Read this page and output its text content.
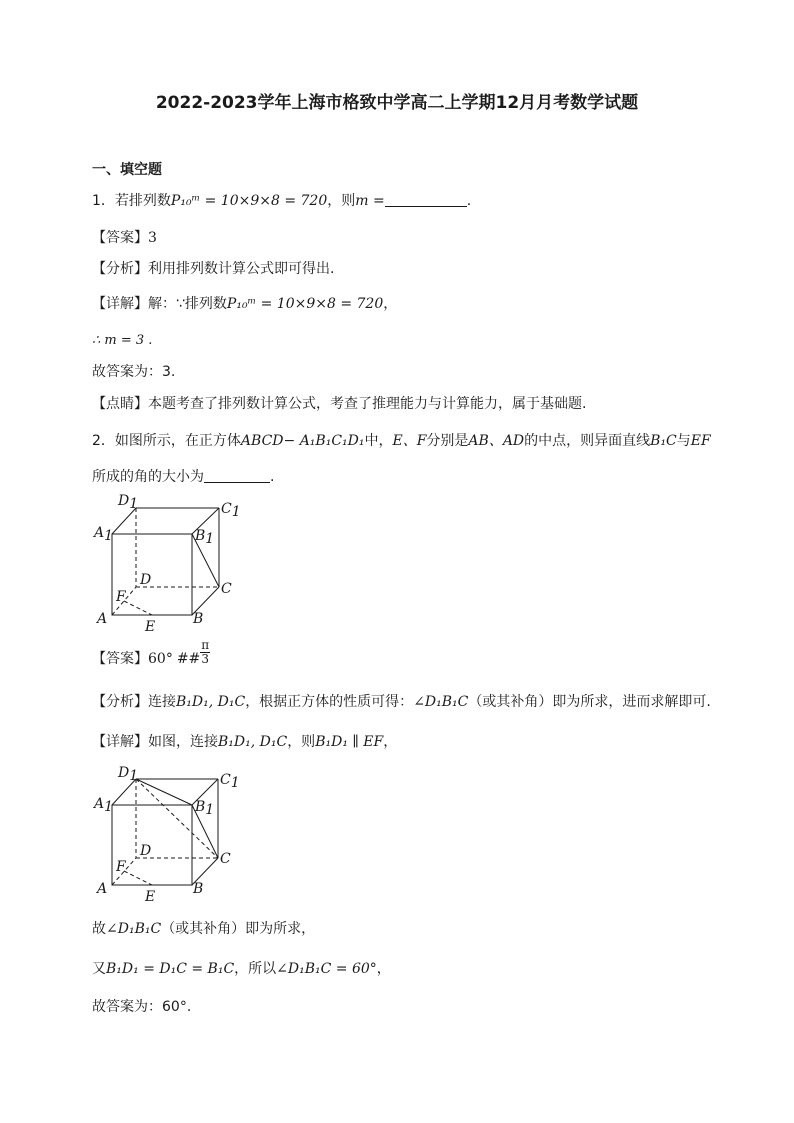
2022-2023学年上海市格致中学高二上学期12月月考数学试题
一、填空题
1．若排列数P₁₀ᵐ = 10×9×8 = 720，则m =	.
【答案】3
【分析】利用排列数计算公式即可得出.
【详解】解：∵排列数P₁₀ᵐ = 10×9×8 = 720，
∴ m = 3 .
故答案为：3.
【点睛】本题考查了排列数计算公式，考查了推理能力与计算能力，属于基础题.
2．如图所示，在正方体ABCD− A₁B₁C₁D₁中，E、F分别是AB、AD的中点，则异面直线B₁C与EF
所成的角的大小为	.
D1	C1
A1	B1
D
C
F
A	B
E
【答案】60° ## $\frac{\pi}{3}$
【分析】连接B₁D₁, D₁C，根据正方体的性质可得：∠D₁B₁C（或其补角）即为所求，进而求解即可.
【详解】如图，连接B₁D₁, D₁C，则B₁D₁ ∥ EF，
D1	C1
A1	B1
D	C
F
A	B
E
故∠D₁B₁C（或其补角）即为所求，
又B₁D₁ = D₁C = B₁C，所以∠D₁B₁C = 60°，
故答案为：60°.
